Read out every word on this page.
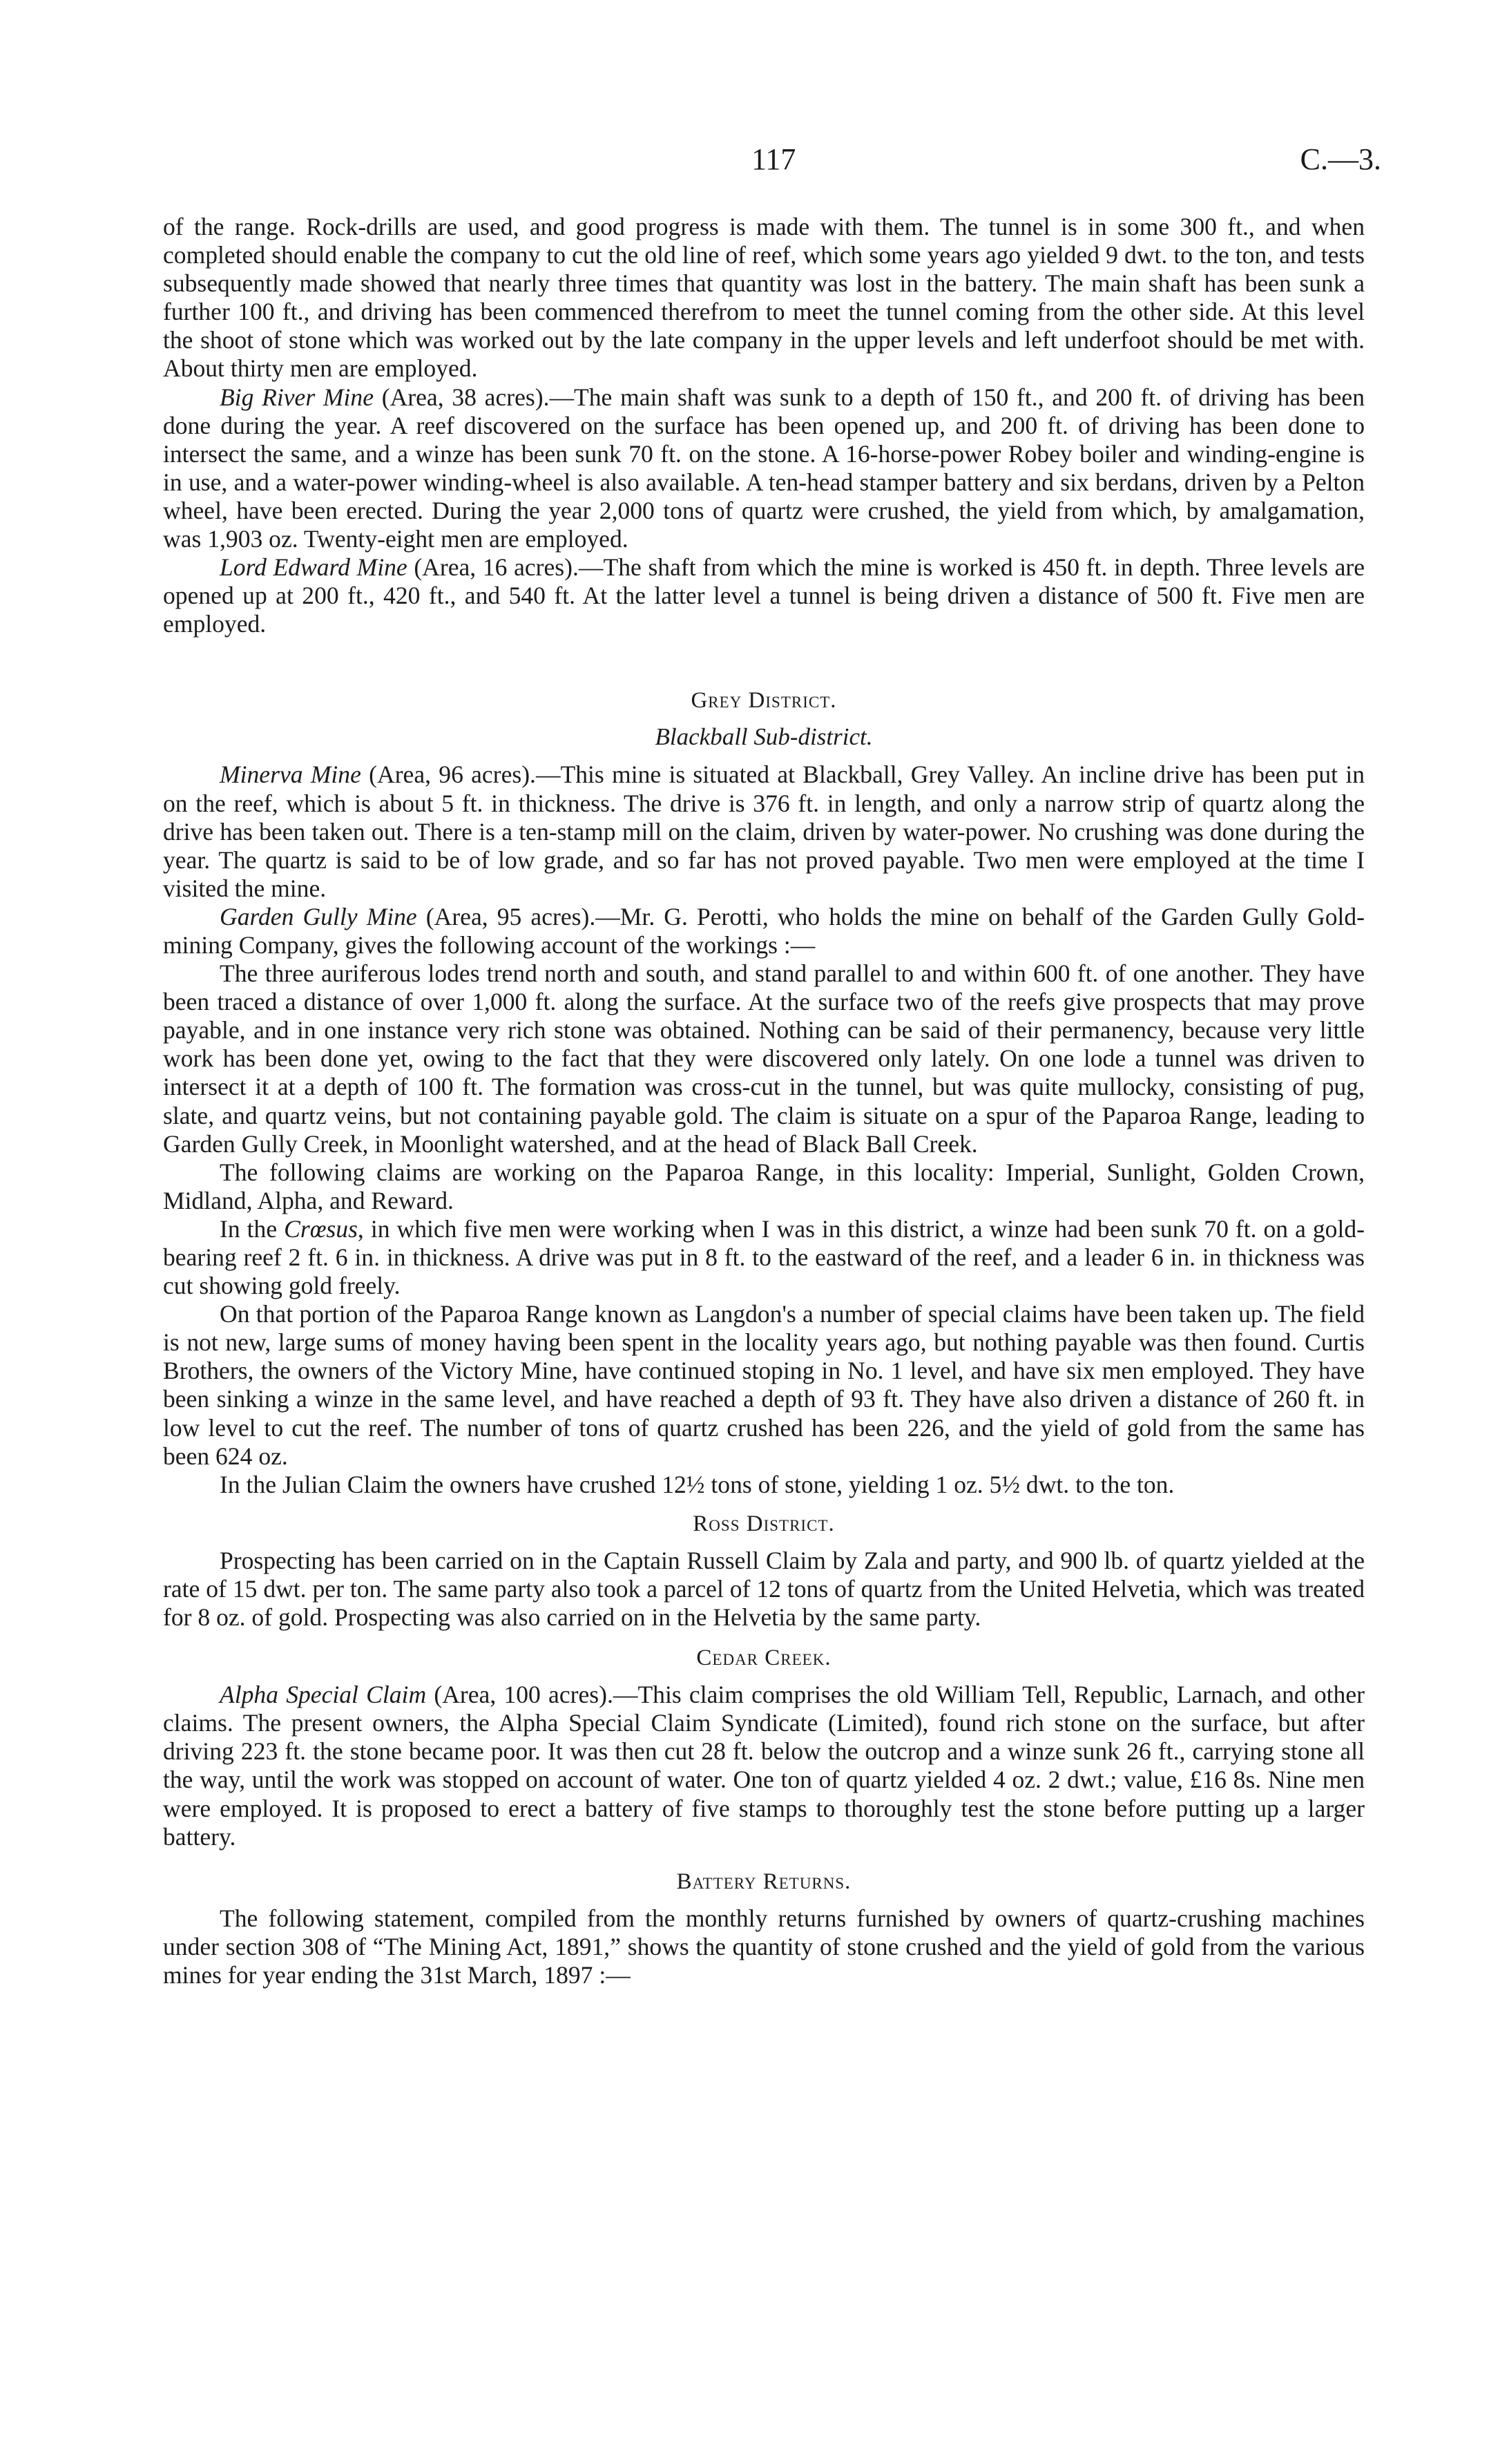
117	C.—3.

of the range. Rock-drills are used, and good progress is made with them. The tunnel is in some 300 ft., and when completed should enable the company to cut the old line of reef, which some years ago yielded 9 dwt. to the ton, and tests subsequently made showed that nearly three times that quantity was lost in the battery. The main shaft has been sunk a further 100 ft., and driving has been commenced therefrom to meet the tunnel coming from the other side. At this level the shoot of stone which was worked out by the late company in the upper levels and left underfoot should be met with. About thirty men are employed.

Big River Mine (Area, 38 acres).—The main shaft was sunk to a depth of 150 ft., and 200 ft. of driving has been done during the year. A reef discovered on the surface has been opened up, and 200 ft. of driving has been done to intersect the same, and a winze has been sunk 70 ft. on the stone. A 16-horse-power Robey boiler and winding-engine is in use, and a water-power winding-wheel is also available. A ten-head stamper battery and six berdans, driven by a Pelton wheel, have been erected. During the year 2,000 tons of quartz were crushed, the yield from which, by amalgamation, was 1,903 oz. Twenty-eight men are employed.

Lord Edward Mine (Area, 16 acres).—The shaft from which the mine is worked is 450 ft. in depth. Three levels are opened up at 200 ft., 420 ft., and 540 ft. At the latter level a tunnel is being driven a distance of 500 ft. Five men are employed.

Grey District.
Blackball Sub-district.

Minerva Mine (Area, 96 acres).—This mine is situated at Blackball, Grey Valley. An incline drive has been put in on the reef, which is about 5 ft. in thickness. The drive is 376 ft. in length, and only a narrow strip of quartz along the drive has been taken out. There is a ten-stamp mill on the claim, driven by water-power. No crushing was done during the year. The quartz is said to be of low grade, and so far has not proved payable. Two men were employed at the time I visited the mine.

Garden Gully Mine (Area, 95 acres).—Mr. G. Perotti, who holds the mine on behalf of the Garden Gully Gold-mining Company, gives the following account of the workings :—

The three auriferous lodes trend north and south, and stand parallel to and within 600 ft. of one another. They have been traced a distance of over 1,000 ft. along the surface. At the surface two of the reefs give prospects that may prove payable, and in one instance very rich stone was obtained. Nothing can be said of their permanency, because very little work has been done yet, owing to the fact that they were discovered only lately. On one lode a tunnel was driven to intersect it at a depth of 100 ft. The formation was cross-cut in the tunnel, but was quite mullocky, consisting of pug, slate, and quartz veins, but not containing payable gold. The claim is situate on a spur of the Paparoa Range, leading to Garden Gully Creek, in Moonlight watershed, and at the head of Black Ball Creek.

The following claims are working on the Paparoa Range, in this locality: Imperial, Sunlight, Golden Crown, Midland, Alpha, and Reward.

In the Crœsus, in which five men were working when I was in this district, a winze had been sunk 70 ft. on a gold-bearing reef 2 ft. 6 in. in thickness. A drive was put in 8 ft. to the eastward of the reef, and a leader 6 in. in thickness was cut showing gold freely.

On that portion of the Paparoa Range known as Langdon's a number of special claims have been taken up. The field is not new, large sums of money having been spent in the locality years ago, but nothing payable was then found. Curtis Brothers, the owners of the Victory Mine, have continued stoping in No. 1 level, and have six men employed. They have been sinking a winze in the same level, and have reached a depth of 93 ft. They have also driven a distance of 260 ft. in low level to cut the reef. The number of tons of quartz crushed has been 226, and the yield of gold from the same has been 624 oz.

In the Julian Claim the owners have crushed 12½ tons of stone, yielding 1 oz. 5½ dwt. to the ton.

Ross District.

Prospecting has been carried on in the Captain Russell Claim by Zala and party, and 900 lb. of quartz yielded at the rate of 15 dwt. per ton. The same party also took a parcel of 12 tons of quartz from the United Helvetia, which was treated for 8 oz. of gold. Prospecting was also carried on in the Helvetia by the same party.

Cedar Creek.

Alpha Special Claim (Area, 100 acres).—This claim comprises the old William Tell, Republic, Larnach, and other claims. The present owners, the Alpha Special Claim Syndicate (Limited), found rich stone on the surface, but after driving 223 ft. the stone became poor. It was then cut 28 ft. below the outcrop and a winze sunk 26 ft., carrying stone all the way, until the work was stopped on account of water. One ton of quartz yielded 4 oz. 2 dwt.; value, £16 8s. Nine men were employed. It is proposed to erect a battery of five stamps to thoroughly test the stone before putting up a larger battery.

Battery Returns.

The following statement, compiled from the monthly returns furnished by owners of quartz-crushing machines under section 308 of “The Mining Act, 1891,” shows the quantity of stone crushed and the yield of gold from the various mines for year ending the 31st March, 1897 :—
